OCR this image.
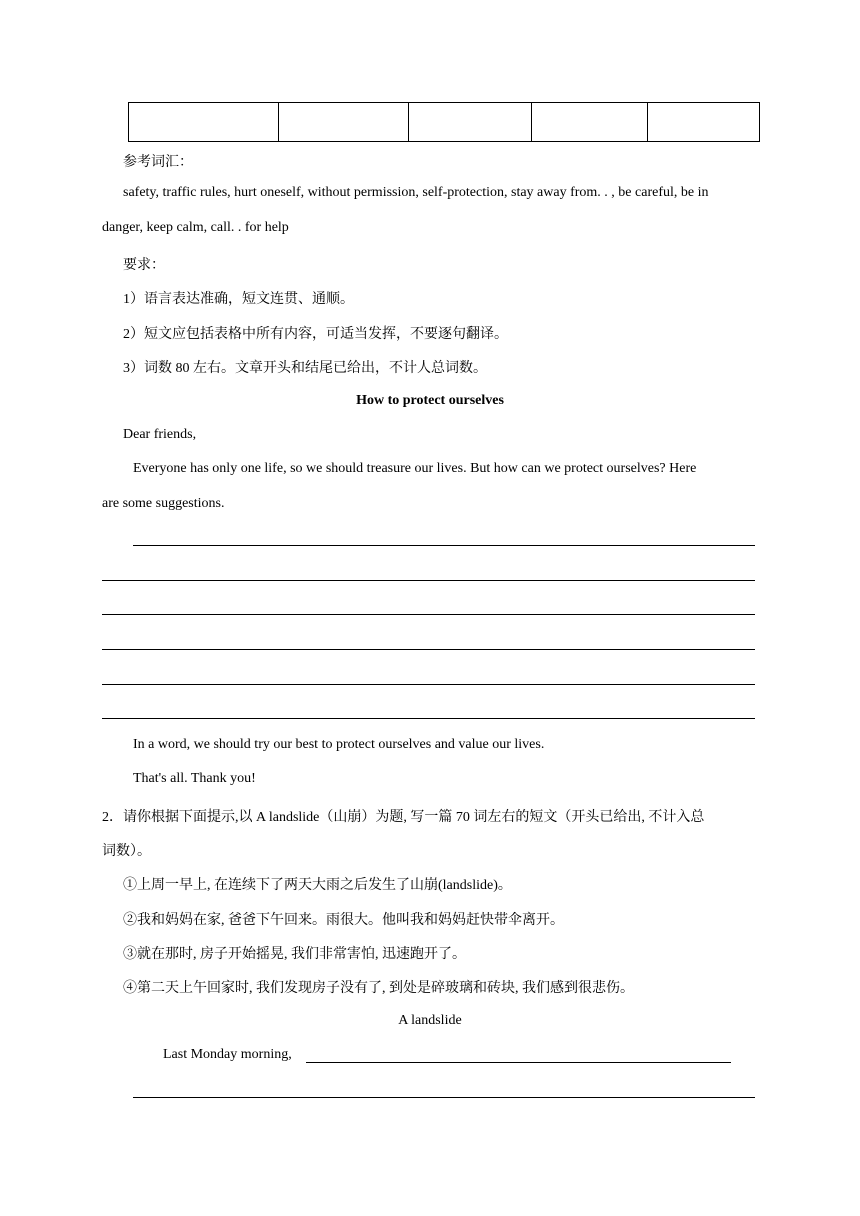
参考词汇：
safety, traffic rules, hurt oneself, without permission, self-protection, stay away from. . , be careful, be in
danger, keep calm, call. . for help
要求：
1）语言表达准确，短文连贯、通顺。
2）短文应包括表格中所有内容，可适当发挥，不要逐句翻译。
3）词数 80 左右。文章开头和结尾已给出，不计人总词数。
How to protect ourselves
Dear friends,
Everyone has only one life, so we should treasure our lives. But how can we protect ourselves? Here
are some suggestions.
In a word, we should try our best to protect ourselves and value our lives.
That's all. Thank you!
2．请你根据下面提示,以 A landslide（山崩）为题, 写一篇 70 词左右的短文（开头已给出, 不计入总
词数）。
①上周一早上, 在连续下了两天大雨之后发生了山崩(landslide)。
②我和妈妈在家, 爸爸下午回来。雨很大。他叫我和妈妈赶快带伞离开。
③就在那时, 房子开始摇晃, 我们非常害怕, 迅速跑开了。
④第二天上午回家时, 我们发现房子没有了, 到处是碎玻璃和砖块, 我们感到很悲伤。
A landslide
Last Monday morning,
